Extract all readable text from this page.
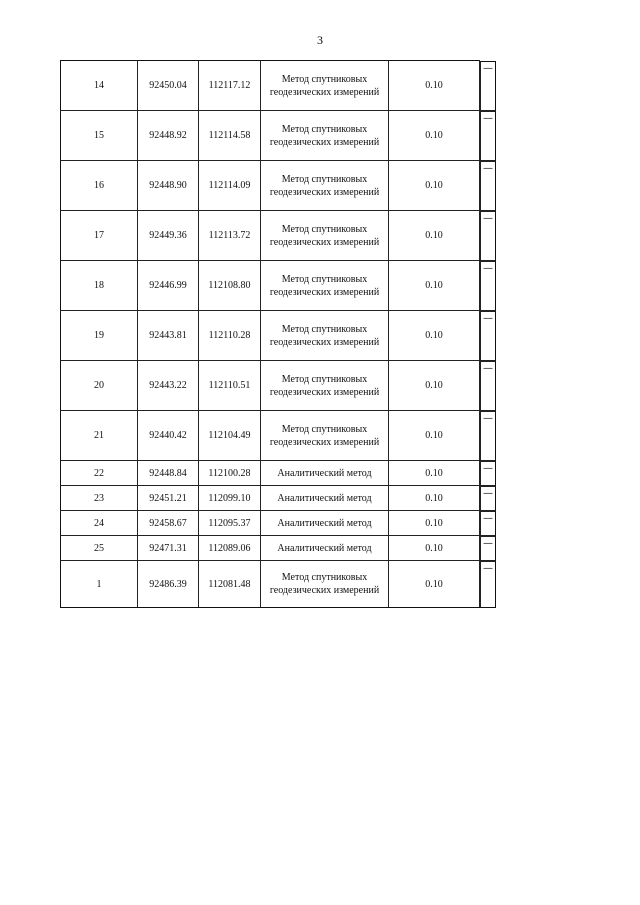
3
14	92450.04	112117.12	Метод спутниковых геодезических измерений	0.10	—
15	92448.92	112114.58	Метод спутниковых геодезических измерений	0.10	—
16	92448.90	112114.09	Метод спутниковых геодезических измерений	0.10	—
17	92449.36	112113.72	Метод спутниковых геодезических измерений	0.10	—
18	92446.99	112108.80	Метод спутниковых геодезических измерений	0.10	—
19	92443.81	112110.28	Метод спутниковых геодезических измерений	0.10	—
20	92443.22	112110.51	Метод спутниковых геодезических измерений	0.10	—
21	92440.42	112104.49	Метод спутниковых геодезических измерений	0.10	—
22	92448.84	112100.28	Аналитический метод	0.10		—
23	92451.21	112099.10	Аналитический метод	0.10		—
24	92458.67	112095.37	Аналитический метод	0.10		—
25	92471.31	112089.06	Аналитический метод	0.10		—
1	92486.39	112081.48	Метод спутниковых геодезических измерений	0.10	—
